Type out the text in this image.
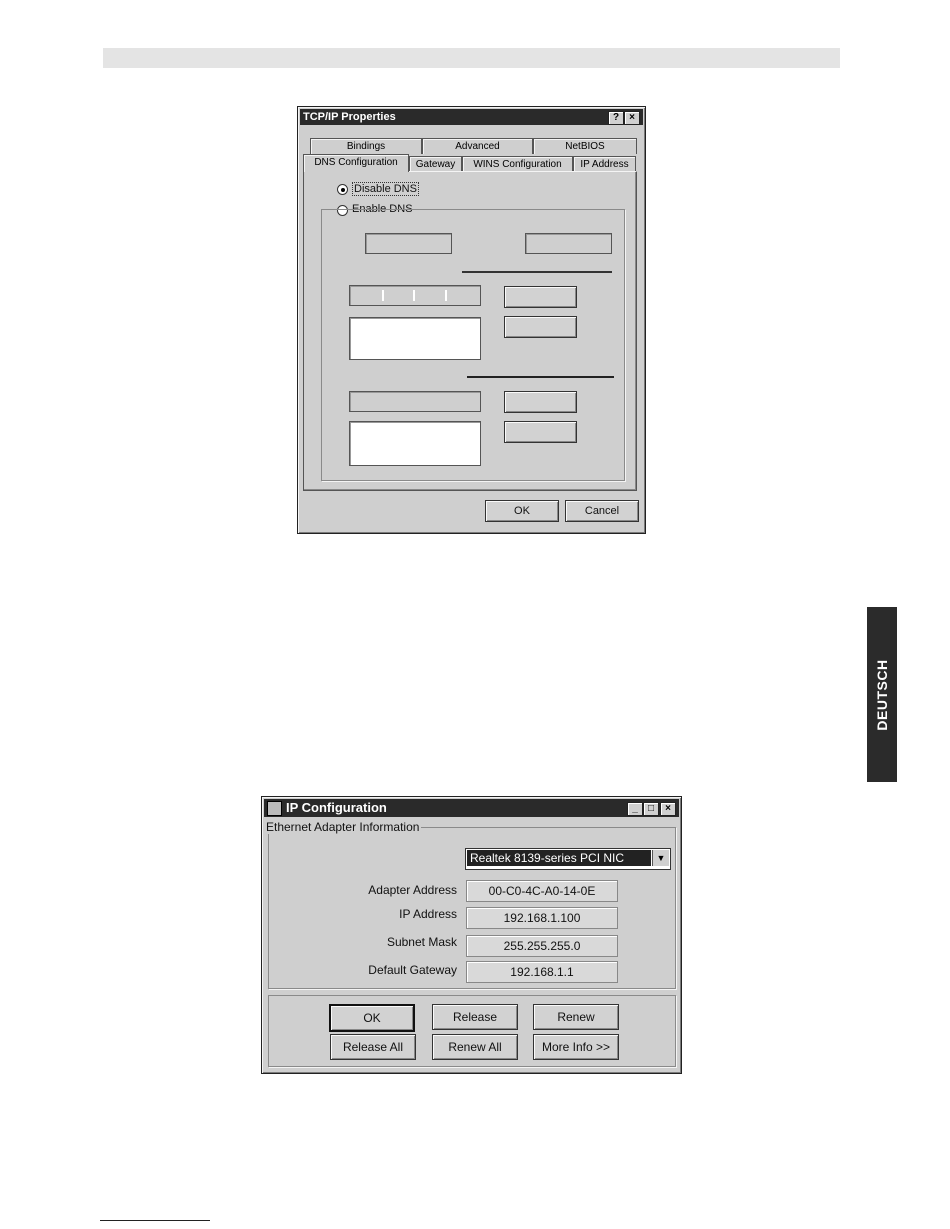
TCP/IP Properties	?	×
Bindings	Advanced	NetBIOS
DNS Configuration	Gateway	WINS Configuration	IP Address
Disable DNS
Enable DNS
OK	Cancel
DEUTSCH
IP Configuration	_	□	×
Ethernet Adapter Information
Realtek 8139-series PCI NIC	▼
Adapter Address	00-C0-4C-A0-14-0E
IP Address	192.168.1.100
Subnet Mask	255.255.255.0
Default Gateway	192.168.1.1
OK	Release	Renew
Release All	Renew All	More Info >>
